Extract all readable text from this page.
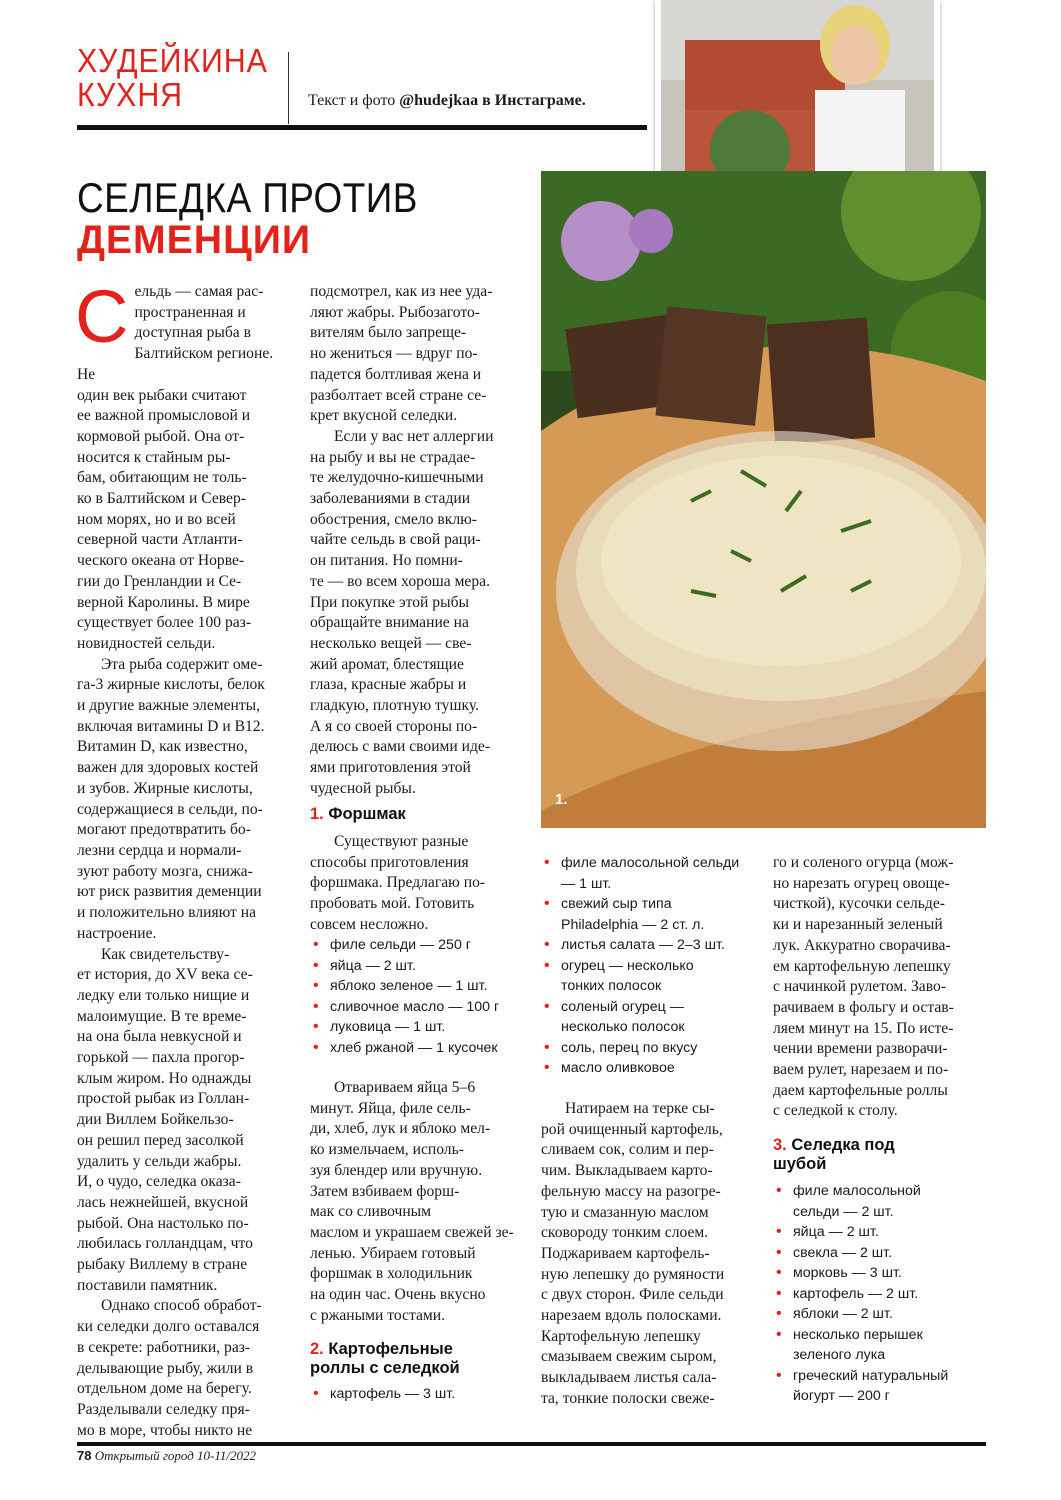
ХУДЕЙКИНА
КУХНЯ	Текст и фото @hudejkaa в Инстаграме.
СЕЛЕДКА ПРОТИВ
ДЕМЕНЦИИ
1.
С ельдь — самая рас-
пространенная и
доступная рыба в
Балтийском регионе. Не
один век рыбаки считают
ее важной промысловой и
кормовой рыбой. Она от-
носится к стайным ры-
бам, обитающим не толь-
ко в Балтийском и Север-
ном морях, но и во всей
северной части Атланти-
ческого океана от Норве-
гии до Гренландии и Се-
верной Каролины. В мире
существует более 100 раз-
новидностей сельди.
Эта рыба содержит оме-
га-3 жирные кислоты, белок
и другие важные элементы,
включая витамины D и B12.
Витамин D, как известно,
важен для здоровых костей
и зубов. Жирные кислоты,
содержащиеся в сельди, по-
могают предотвратить бо-
лезни сердца и нормали-
зуют работу мозга, снижа-
ют риск развития деменции
и положительно влияют на
настроение.
Как свидетельству-
ет история, до XV века се-
ледку ели только нищие и
малоимущие. В те време-
на она была невкусной и
горькой — пахла прогор-
клым жиром. Но однажды
простой рыбак из Голлан-
дии Виллем Бойкельзо-
он решил перед засолкой
удалить у сельди жабры.
И, о чудо, селедка оказа-
лась нежнейшей, вкусной
рыбой. Она настолько по-
любилась голландцам, что
рыбаку Виллему в стране
поставили памятник.
Однако способ обработ-
ки селедки долго оставался
в секрете: работники, раз-
делывающие рыбу, жили в
отдельном доме на берегу.
Разделывали селедку пря-
мо в море, чтобы никто не
подсмотрел, как из нее уда-
ляют жабры. Рыбозагото-
вителям было запреще-
но жениться — вдруг по-
падется болтливая жена и
разболтает всей стране се-
крет вкусной селедки.
Если у вас нет аллергии
на рыбу и вы не страдае-
те желудочно-кишечными
заболеваниями в стадии
обострения, смело вклю-
чайте сельдь в свой раци-
он питания. Но помни-
те — во всем хороша мера.
При покупке этой рыбы
обращайте внимание на
несколько вещей — све-
жий аромат, блестящие
глаза, красные жабры и
гладкую, плотную тушку.
А я со своей стороны по-
делюсь с вами своими иде-
ями приготовления этой
чудесной рыбы.
1. Форшмак
Существуют разные
способы приготовления
форшмака. Предлагаю по-
пробовать мой. Готовить
совсем несложно.
• филе сельди — 250 г
• яйца — 2 шт.
• яблоко зеленое — 1 шт.
• сливочное масло — 100 г
• луковица — 1 шт.
• хлеб ржаной — 1 кусочек
Отвариваем яйца 5–6
минут. Яйца, филе сель-
ди, хлеб, лук и яблоко мел-
ко измельчаем, исполь-
зуя блендер или вручную.
Затем взбиваем форш-
мак со сливочным
маслом и украшаем свежей зе-
ленью. Убираем готовый
форшмак в холодильник
на один час. Очень вкусно
с ржаными тостами.
2. Картофельные
роллы с селедкой
• картофель — 3 шт.
• филе малосольной сельди
— 1 шт.
• свежий сыр типа
Philadelphia — 2 ст. л.
• листья салата — 2–3 шт.
• огурец — несколько
тонких полосок
• соленый огурец —
несколько полосок
• соль, перец по вкусу
• масло оливковое
Натираем на терке сы-
рой очищенный картофель,
сливаем сок, солим и пер-
чим. Выкладываем карто-
фельную массу на разогре-
тую и смазанную маслом
сковороду тонким слоем.
Поджариваем картофель-
ную лепешку до румяности
с двух сторон. Филе сельди
нарезаем вдоль полосками.
Картофельную лепешку
смазываем свежим сыром,
выкладываем листья сала-
та, тонкие полоски свеже-
го и соленого огурца (мож-
но нарезать огурец овоще-
чисткой), кусочки сельде-
ки и нарезанный зеленый
лук. Аккуратно сворачива-
ем картофельную лепешку
с начинкой рулетом. Заво-
рачиваем в фольгу и остав-
ляем минут на 15. По исте-
чении времени разворачи-
ваем рулет, нарезаем и по-
даем картофельные роллы
с селедкой к столу.
3. Селедка под
шубой
• филе малосольной
сельди — 2 шт.
• яйца — 2 шт.
• свекла — 2 шт.
• морковь — 3 шт.
• картофель — 2 шт.
• яблоки — 2 шт.
• несколько перышек
зеленого лука
• греческий натуральный
йогурт — 200 г
78 Открытый город 10-11/2022
